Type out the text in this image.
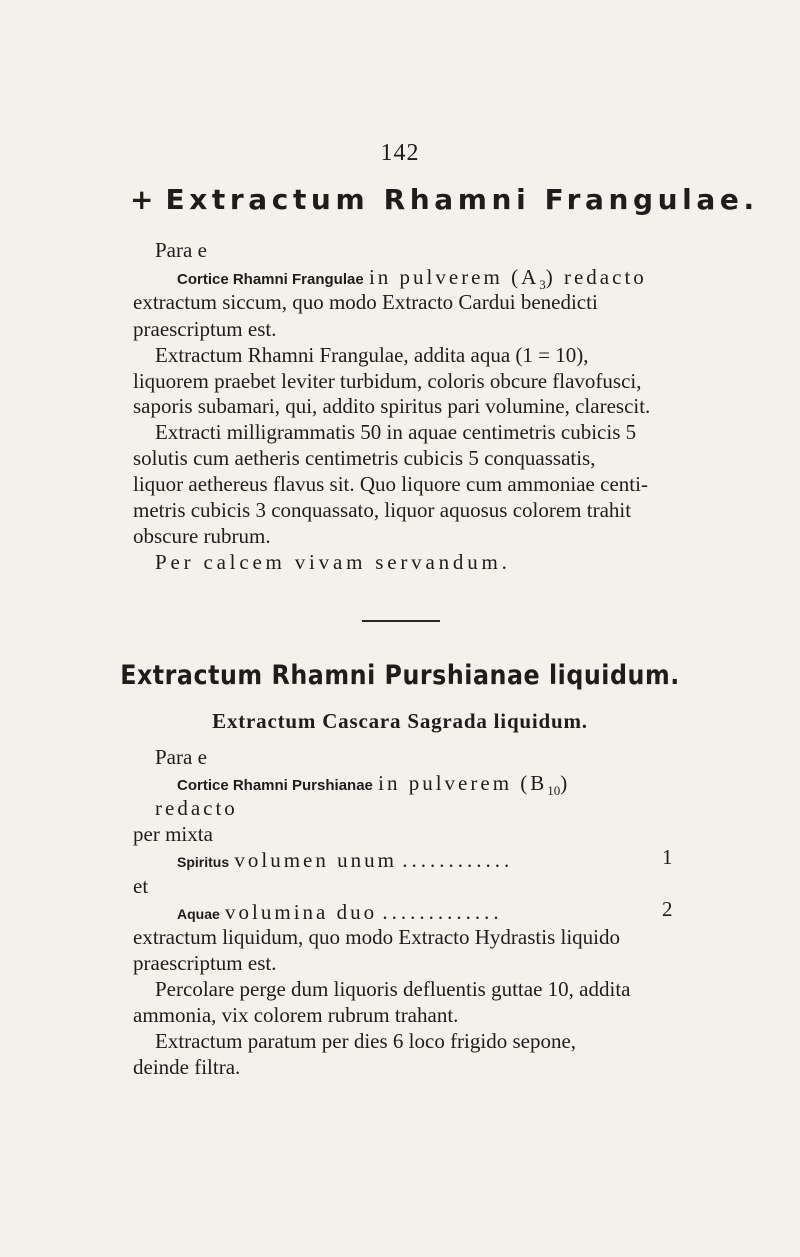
142
+ Extractum Rhamni Frangulae.
Para e
Cortice Rhamni Frangulae in pulverem $(A_3)$ redacto
extractum siccum, quo modo Extracto Cardui benedicti
praescriptum est.
Extractum Rhamni Frangulae, addita aqua (1 = 10),
liquorem praebet leviter turbidum, coloris obcure flavofusci,
saporis subamari, qui, addito spiritus pari volumine, clarescit.
Extracti milligrammatis 50 in aquae centimetris cubicis 5
solutis cum aetheris centimetris cubicis 5 conquassatis,
liquor aethereus flavus sit. Quo liquore cum ammoniae centi-
metris cubicis 3 conquassato, liquor aquosus colorem trahit
obscure rubrum.
Per calcem vivam servandum.
Extractum Rhamni Purshianae liquidum.
Extractum Cascara Sagrada liquidum.
Para e
Cortice Rhamni Purshianae in pulverem $(B_{10})$
redacto
per mixta
Spiritus volumen unum ............	1
et
Aquae volumina duo .............	2
extractum liquidum, quo modo Extracto Hydrastis liquido
praescriptum est.
Percolare perge dum liquoris defluentis guttae 10, addita
ammonia, vix colorem rubrum trahant.
Extractum paratum per dies 6 loco frigido sepone,
deinde filtra.
